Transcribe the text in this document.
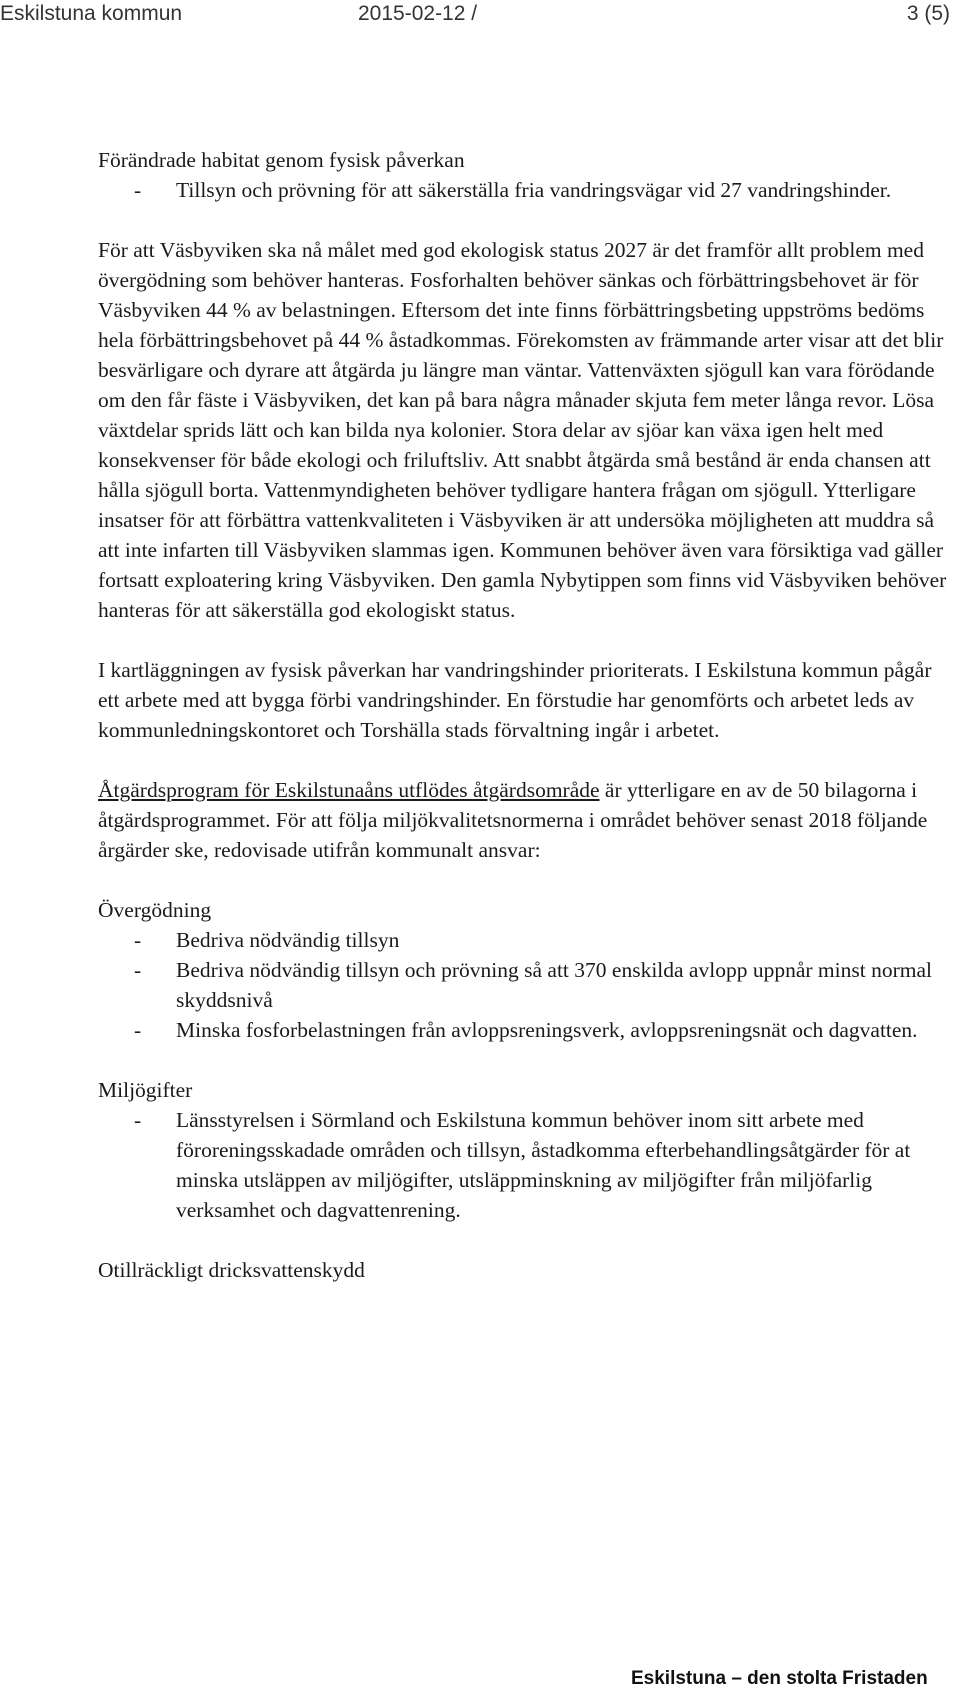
Eskilstuna kommun	2015-02-12 /	3 (5)

Förändrade habitat genom fysisk påverkan

- Tillsyn och prövning för att säkerställa fria vandringsvägar vid 27 vandringshinder.

För att Väsbyviken ska nå målet med god ekologisk status 2027 är det framför allt problem med övergödning som behöver hanteras. Fosforhalten behöver sänkas och förbättringsbehovet är för Väsbyviken 44 % av belastningen. Eftersom det inte finns förbättringsbeting uppströms bedöms hela förbättringsbehovet på 44 % åstadkommas. Förekomsten av främmande arter visar att det blir besvärligare och dyrare att åtgärda ju längre man väntar. Vattenväxten sjögull kan vara förödande om den får fäste i Väsbyviken, det kan på bara några månader skjuta fem meter långa revor. Lösa växtdelar sprids lätt och kan bilda nya kolonier. Stora delar av sjöar kan växa igen helt med konsekvenser för både ekologi och friluftsliv. Att snabbt åtgärda små bestånd är enda chansen att hålla sjögull borta. Vattenmyndigheten behöver tydligare hantera frågan om sjögull. Ytterligare insatser för att förbättra vattenkvaliteten i Väsbyviken är att undersöka möjligheten att muddra så att inte infarten till Väsbyviken slammas igen. Kommunen behöver även vara försiktiga vad gäller fortsatt exploatering kring Väsbyviken. Den gamla Nybytippen som finns vid Väsbyviken behöver hanteras för att säkerställa god ekologiskt status.

I kartläggningen av fysisk påverkan har vandringshinder prioriterats. I Eskilstuna kommun pågår ett arbete med att bygga förbi vandringshinder. En förstudie har genomförts och arbetet leds av kommunledningskontoret och Torshälla stads förvaltning ingår i arbetet.

Åtgärdsprogram för Eskilstunaåns utflödes åtgärdsområde är ytterligare en av de 50 bilagorna i åtgärdsprogrammet. För att följa miljökvalitetsnormerna i området behöver senast 2018 följande årgärder ske, redovisade utifrån kommunalt ansvar:

Övergödning

- Bedriva nödvändig tillsyn
- Bedriva nödvändig tillsyn och prövning så att 370 enskilda avlopp uppnår minst normal skyddsnivå
- Minska fosforbelastningen från avloppsreningsverk, avloppsreningsnät och dagvatten.

Miljögifter

- Länsstyrelsen i Sörmland och Eskilstuna kommun behöver inom sitt arbete med föroreningsskadade områden och tillsyn, åstadkomma efterbehandlingsåtgärder för at minska utsläppen av miljögifter, utsläppminskning av miljögifter från miljöfarlig verksamhet och dagvattenrening.

Otillräckligt dricksvattenskydd

Eskilstuna – den stolta Fristaden
